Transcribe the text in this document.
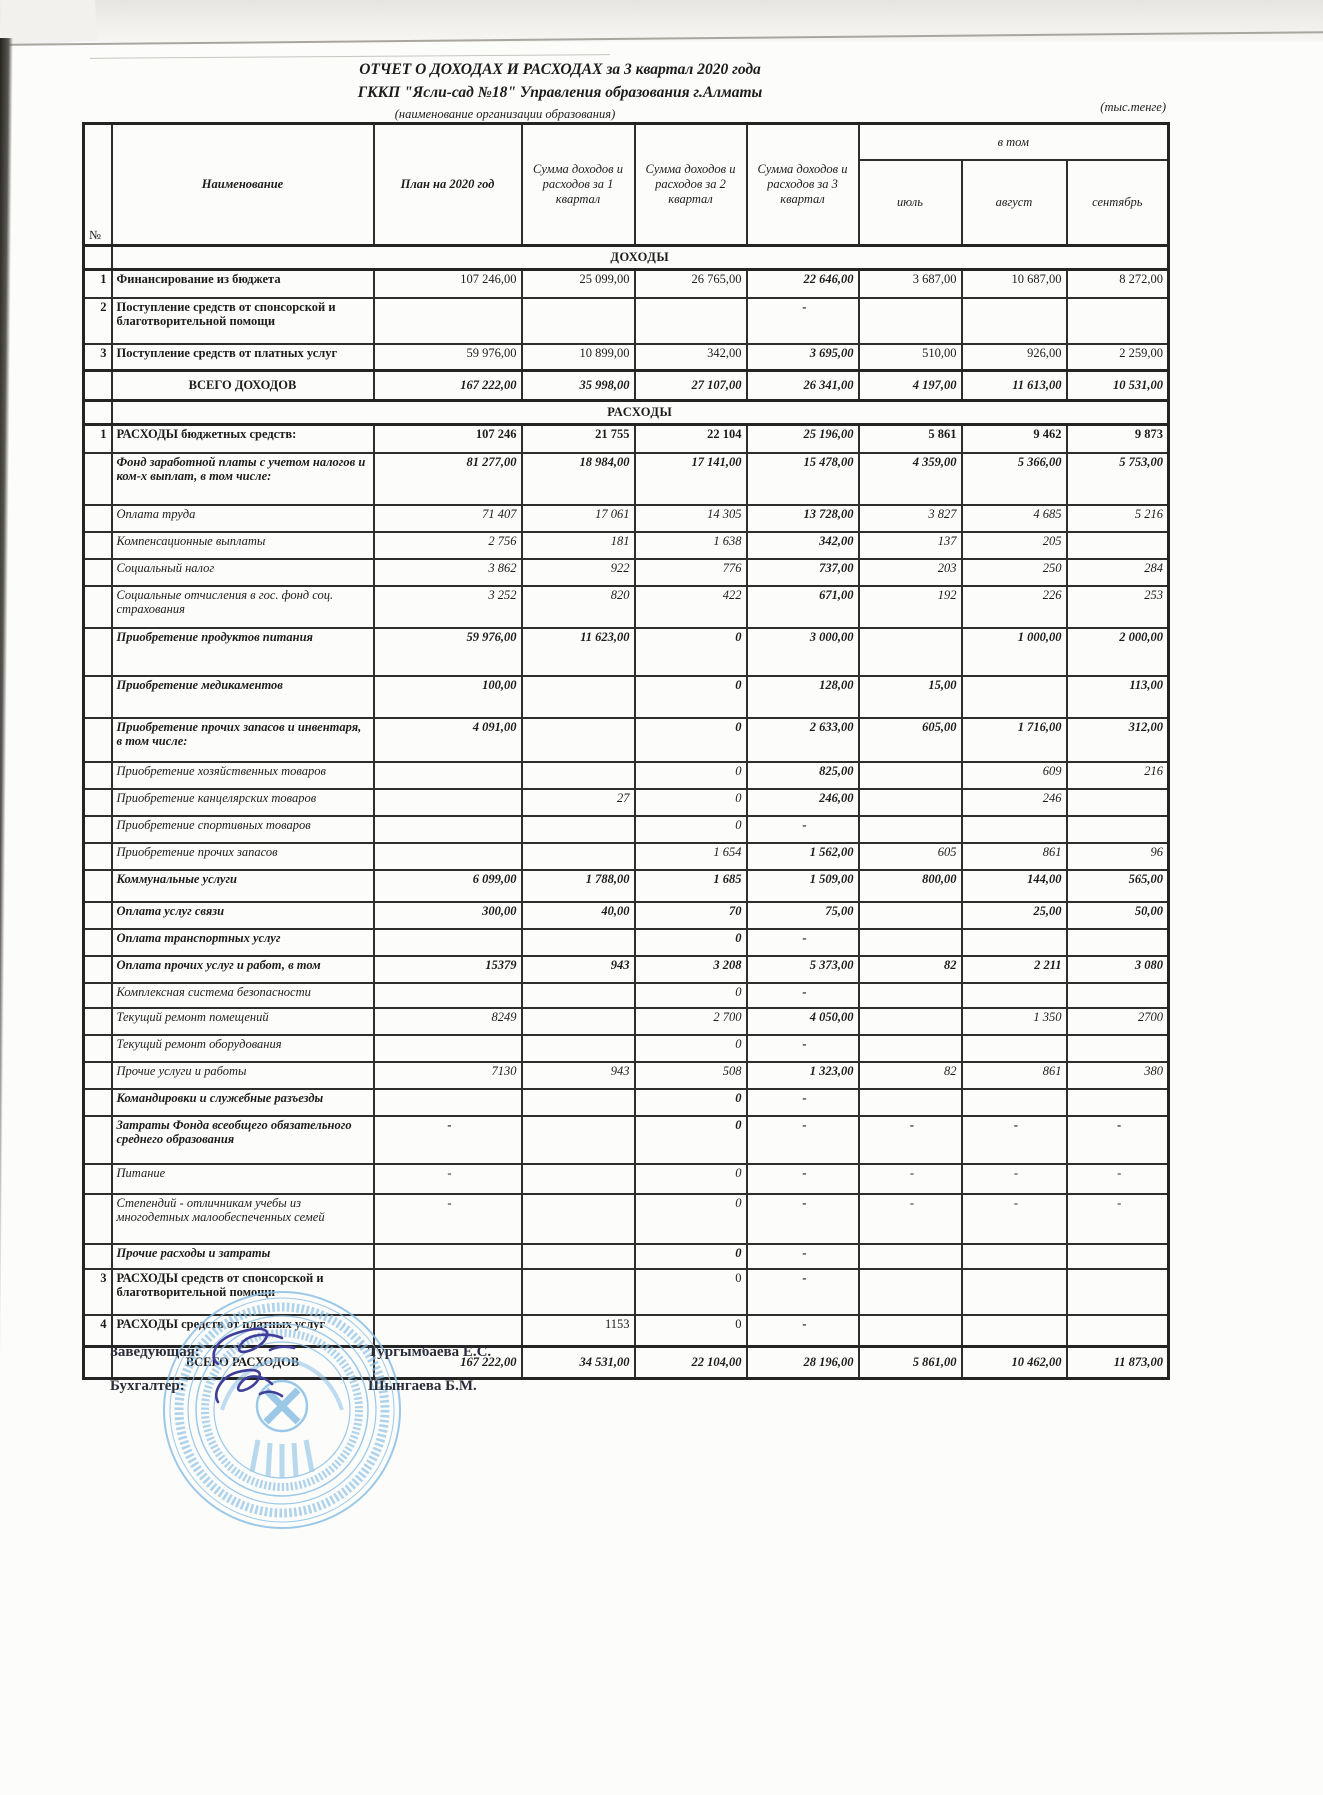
ОТЧЕТ О ДОХОДАХ И РАСХОДАХ за 3 квартал 2020 года
ГККП "Ясли-сад №18" Управления образования г.Алматы
(наименование организации образования)	(тыс.тенге)
№	Наименование	План на 2020 год	Сумма доходов и расходов за 1 квартал	Сумма доходов и расходов за 2 квартал	Сумма доходов и расходов за 3 квартал	в том		
						июль	август	сентябрь
	ДОХОДЫ							
1	Финансирование из бюджета	107 246,00	25 099,00	26 765,00	22 646,00	3 687,00	10 687,00	8 272,00
2	Поступление средств от спонсорской и благотворительной помощи				-			
3	Поступление средств от платных услуг	59 976,00	10 899,00	342,00	3 695,00	510,00	926,00	2 259,00
	ВСЕГО ДОХОДОВ	167 222,00	35 998,00	27 107,00	26 341,00	4 197,00	11 613,00	10 531,00
	РАСХОДЫ							
1	РАСХОДЫ бюджетных средств:	107 246	21 755	22 104	25 196,00	5 861	9 462	9 873
	Фонд заработной платы с учетом налогов и ком-х выплат, в том числе:	81 277,00	18 984,00	17 141,00	15 478,00	4 359,00	5 366,00	5 753,00
	Оплата труда	71 407	17 061	14 305	13 728,00	3 827	4 685	5 216
	Компенсационные выплаты	2 756	181	1 638	342,00	137	205	
	Социальный налог	3 862	922	776	737,00	203	250	284
	Социальные отчисления в гос. фонд соц. страхования	3 252	820	422	671,00	192	226	253
	Приобретение продуктов питания	59 976,00	11 623,00	0	3 000,00		1 000,00	2 000,00
	Приобретение медикаментов	100,00		0	128,00	15,00		113,00
	Приобретение прочих запасов и инвентаря, в том числе:	4 091,00		0	2 633,00	605,00	1 716,00	312,00
	Приобретение хозяйственных товаров			0	825,00		609	216
	Приобретение канцелярских товаров		27	0	246,00		246	
	Приобретение спортивных товаров			0	-			
	Приобретение прочих запасов			1 654	1 562,00	605	861	96
	Коммунальные услуги	6 099,00	1 788,00	1 685	1 509,00	800,00	144,00	565,00
	Оплата услуг связи	300,00	40,00	70	75,00		25,00	50,00
	Оплата транспортных услуг			0	-			
	Оплата прочих услуг и работ, в том	15379	943	3 208	5 373,00	82	2 211	3 080
	Комплексная система безопасности			0	-			
	Текущий ремонт помещений	8249		2 700	4 050,00		1 350	2700
	Текущий ремонт оборудования			0	-			
	Прочие услуги и работы	7130	943	508	1 323,00	82	861	380
	Командировки и служебные разъезды			0	-			
	Затраты Фонда всеобщего обязательного среднего образования	-		0	-	-	-	-
	Питание	-		0	-	-	-	-
	Степендий - отличникам учебы из многодетных малообеспеченных семей	-		0	-	-	-	-
	Прочие расходы и затраты			0	-			
3	РАСХОДЫ средств от спонсорской и благотворительной помощи			0	-			
4	РАСХОДЫ средств от платных услуг		1153	0	-			
	ВСЕГО РАСХОДОВ	167 222,00	34 531,00	22 104,00	28 196,00	5 861,00	10 462,00	11 873,00
Заведующая:	Тургымбаева Е.С.
Бухгалтер:	Шынгаева Б.М.
